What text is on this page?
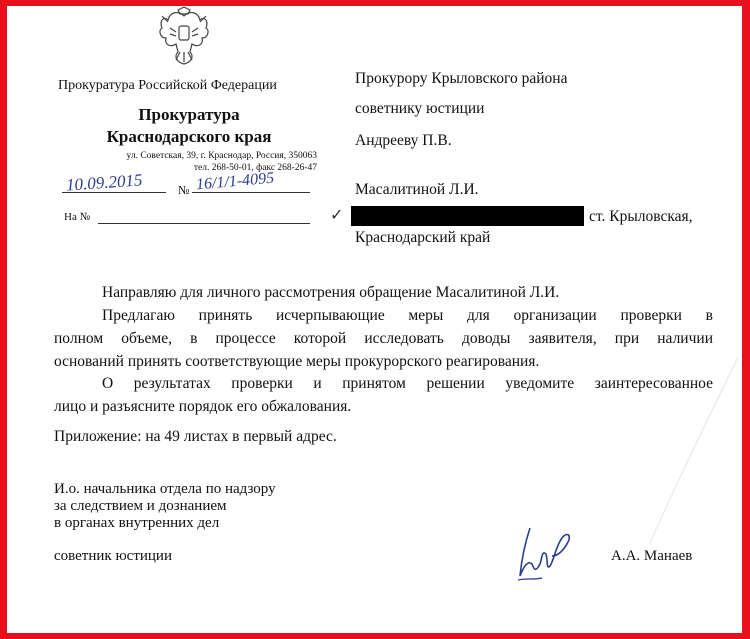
Прокуратура Российской Федерации
Прокуратура
Краснодарского края
ул. Советская, 39, г. Краснодар, Россия, 350063
тел. 268-50-01, факс 268-26-47
10.09.2015	№ 16/1/1-4095
На №	✓
Прокурору Крыловского района
советнику юстиции
Андрееву П.В.
Масалитиной Л.И.
ст. Крыловская,
Краснодарский край
Направляю для личного рассмотрения обращение Масалитиной Л.И.
Предлагаю принять исчерпывающие меры для организации проверки в
полном объеме, в процессе которой исследовать доводы заявителя, при наличии
оснований принять соответствующие меры прокурорского реагирования.
О результатах проверки и принятом решении уведомите заинтересованное
лицо и разъясните порядок его обжалования.
Приложение: на 49 листах в первый адрес.
И.о. начальника отдела по надзору
за следствием и дознанием
в органах внутренних дел
советник юстиции	А.А. Манаев
